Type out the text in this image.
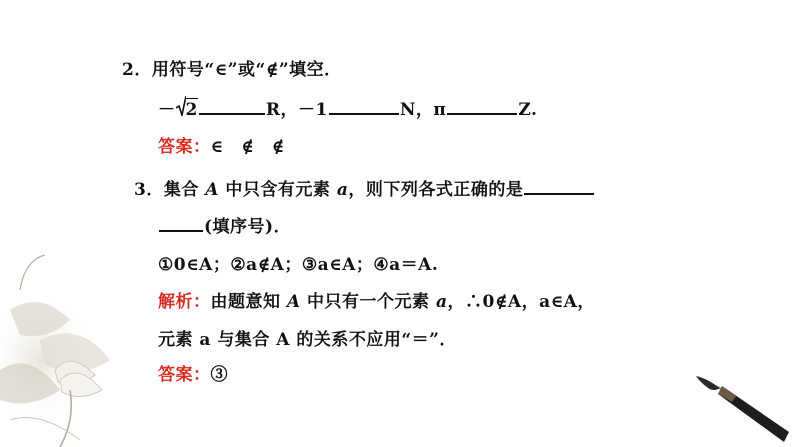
2．用符号“∈”或“∉”填空．
－ 2	R，－1	N，π	Z.
答案：∈　∉　∉
3．集合 A 中只含有元素 a，则下列各式正确的是
(填序号)．
①0∈A；②a∉A；③a∈A；④a＝A.
解析：由题意知 A 中只有一个元素 a，∴0∉A，a∈A，
元素 a 与集合 A 的关系不应用“＝”．
答案：③
